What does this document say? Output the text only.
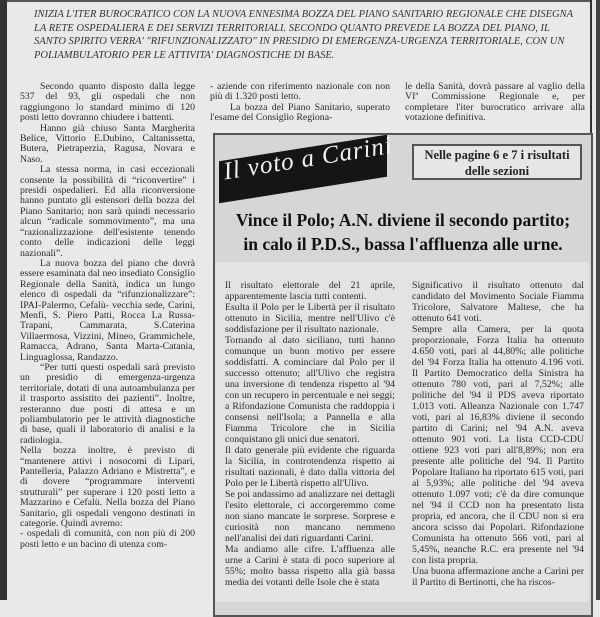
INIZIA L'ITER BUROCRATICO CON LA NUOVA ENNESIMA BOZZA DEL PIANO SANITARIO REGIONALE CHE DISEGNA LA RETE OSPEDALIERA E DEI SERVIZI TERRITORIALI. SECONDO QUANTO PREVEDE LA BOZZA DEL PIANO, IL SANTO SPIRITO VERRA' "RIFUNZIONALIZZATO" IN PRESIDIO DI EMERGENZA-URGENZA TERRITORIALE, CON UN POLIAMBULATORIO PER LE ATTIVITA' DIAGNOSTICHE DI BASE.

Secondo quanto disposto dalla legge 537 del 93, gli ospedali che non raggiungono lo standard minimo di 120 posti letto dovranno chiudere i battenti.

Hanno già chiuso Santa Margherita Belice, Vittorio E.Dubino, Caltanissetta, Butera, Pietraperzia, Ragusa, Novara e Naso.

La stessa norma, in casi eccezionali consente la possibilità di “riconvertire” i presidi ospedalieri. Ed alla riconversione hanno puntato gli estensori della bozza del Piano Sanitario; non sarà quindi necessario alcun “radicale sommovimento”, ma una “razionalizzazione dell'esistente tenendo conto delle indicazioni delle leggi nazionali”.

La nuova bozza del piano che dovrà essere esaminata dal neo insediato Consiglio Regionale della Sanità, indica un lungo elenco di ospedali da “rifunzionalizzare”: IPAI-Palermo, Cefalù- vecchia sede, Carini, Menfi, S. Piero Patti, Rocca La Russa- Trapani, Cammarata, S.Caterina Villaermosa, Vizzini, Mineo, Grammichele, Ramacca, Adrano, Santa Marta-Catania, Linguaglossa, Randazzo.

“Per tutti questi ospedali sarà previsto un presidio di emergenza-urgenza territoriale, dotati di una autoambulanza per il trasporto assistito dei pazienti”. Inoltre, resteranno due posti di attesa e un poliambulatorio per le attività diagnostiche di base, quali il laboratorio di analisi e la radiologia.

Nella bozza inoltre, è previsto di “mantenere attivi i nosocomi di Lipari, Pantelleria, Palazzo Adriano e Mistretta”, e di dovere “programmare interventi strutturali” per superare i 120 posti letto a Mazzarino e Cefalù. Nella bozza del Piano Sanitario, gli ospedali vengono destinati in categorie. Quindi avremo:

- ospedali di comunità, con non più di 200 posti letto e un bacino di utenza com-

- aziende con riferimento nazionale con non più di 1.320 posti letto.

La bozza del Piano Sanitario, superato l'esame del Consiglio Regiona-

le della Sanità, dovrà passare al vaglio della VIª Commissione Regionale e, per completare l'iter burocratico arrivare alla votazione definitiva.

Il voto a Carini	Nelle pagine 6 e 7 i risultati delle sezioni
Vince il Polo; A.N. diviene il secondo partito;
in calo il P.D.S., bassa l'affluenza alle urne.

Il risultato elettorale del 21 aprile, apparentemente lascia tutti contenti.

Esulta il Polo per le Libertà per il risultato ottenuto in Sicilia, mentre nell'Ulivo c'è soddisfazione per il risultato nazionale.

Tornando al dato siciliano, tutti hanno comunque un buon motivo per essere soddisfatti. A cominciare dal Polo per il successo ottenuto; all'Ulivo che registra una inversione di tendenza rispetto al '94 con un recupero in percentuale e nei seggi; a Rifondazione Comunista che raddoppia i consensi nell'Isola; a Pannella e alla Fiamma Tricolore che in Sicilia conquistano gli unici due senatori.

Il dato generale più evidente che riguarda la Sicilia, in controtendenza rispetto ai risultati nazionali, è dato dalla vittoria del Polo per le Libertà rispetto all'Ulivo.

Se poi andassimo ad analizzare nei dettagli l'esito elettorale, ci accorgeremmo come non siano mancate le sorprese. Sorprese e curiosità non mancano nemmeno nell'analisi dei dati riguardanti Carini.

Ma andiamo alle cifre. L'affluenza alle urne a Carini è stata di poco superiore al 55%; molto bassa rispetto alla già bassa media dei votanti delle Isole che è stata

Significativo il risultato ottenuto dal candidato del Movimento Sociale Fiamma Tricolore, Salvatore Maltese, che ha ottenuto 641 voti.

Sempre alla Camera, per la quota proporzionale, Forza Italia ha ottenuto 4.650 voti, pari al 44,80%; alle politiche del '94 Forza Italia ha ottenuto 4.196 voti. Il Partito Democratico della Sinistra ha ottenuto 780 voti, pari al 7,52%; alle politiche del '94 il PDS aveva riportato 1.013 voti. Alleanza Nazionale con 1.747 voti, pari al 16,83% diviene il secondo partito di Carini; nel '94 A.N. aveva ottenuto 901 voti. La lista CCD-CDU ottiene 923 voti pari all'8,89%; non era presente alle politiche del '94. Il Partito Popolare Italiano ha riportato 615 voti, pari al 5,93%; alle politiche del '94 aveva ottenuto 1.097 voti; c'è da dire comunque nel '94 il CCD non ha presentato lista propria, ed ancora, che il CDU non si era ancora scisso dai Popolari. Rifondazione Comunista ha ottenuto 566 voti, pari al 5,45%, neanche R.C. era presente nel '94 con lista propria.

Una buona affermazione anche a Carini per il Partito di Bertinotti, che ha riscos-
